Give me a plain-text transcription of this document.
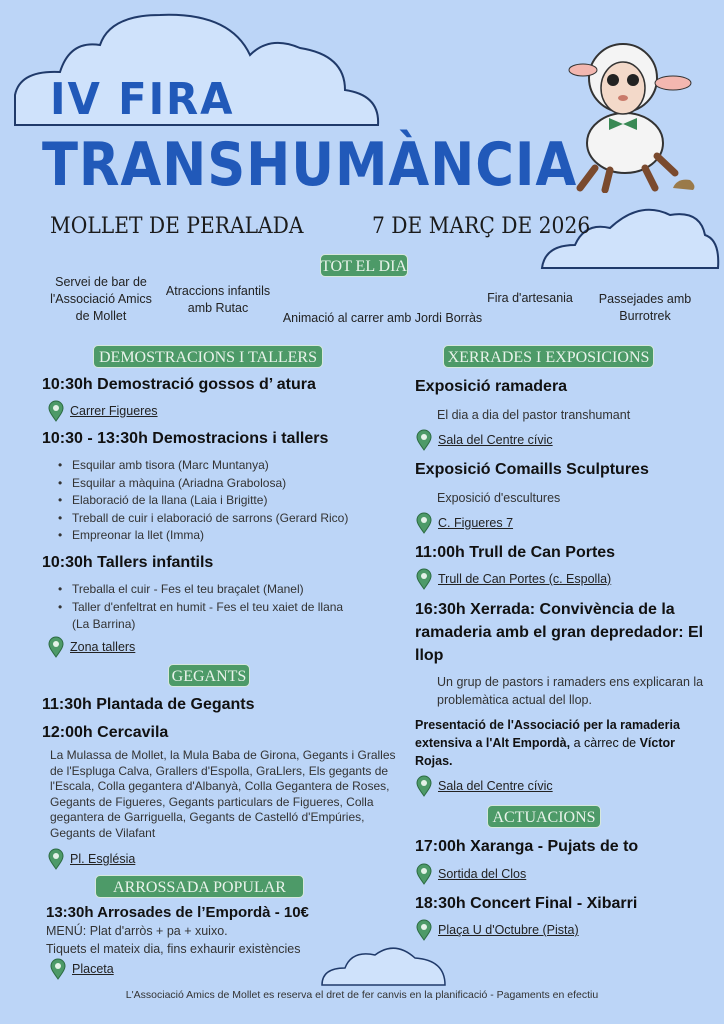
IV FIRA
TRANSHUMÀNCIA
MOLLET DE PERALADA	7 DE MARÇ DE 2026
TOT EL DIA
Servei de bar de l'Associació Amics de Mollet
Atraccions infantils amb Rutac
Animació al carrer amb Jordi Borràs
Fira d'artesania	Passejades amb Burrotrek
DEMOSTRACIONS I TALLERS
10:30h Demostració gossos d’ atura
Carrer Figueres
10:30 - 13:30h Demostracions i tallers
• Esquilar amb tisora (Marc Muntanya)
• Esquilar a màquina (Ariadna Grabolosa)
• Elaboració de la llana (Laia i Brigitte)
• Treball de cuir i elaboració de sarrons (Gerard Rico)
• Empreonar la llet (Imma)
10:30h Tallers infantils
• Treballa el cuir - Fes el teu braçalet (Manel)
• Taller d'enfeltrat en humit - Fes el teu xaiet de llana
(La Barrina)
Zona tallers
GEGANTS
11:30h Plantada de Gegants
12:00h Cercavila
La Mulassa de Mollet, la Mula Baba de Girona, Gegants i Gralles de l'Espluga Calva, Grallers d'Espolla, GraLlers, Els gegants de l'Escala, Colla gegantera d'Albanyà, Colla Gegantera de Roses, Gegants de Figueres, Gegants particulars de Figueres, Colla gegantera de Garriguella, Gegants de Castelló d'Empúries, Gegants de Vilafant
Pl. Església
ARROSSADA POPULAR
13:30h Arrosades de l’Empordà - 10€
MENÚ: Plat d'arròs + pa + xuixo.
Tiquets el mateix dia, fins exhaurir existències
Placeta
XERRADES I EXPOSICIONS
Exposició ramadera
El dia a dia del pastor transhumant
Sala del Centre cívic
Exposició Comaills Sculptures
Exposició d'escultures
C. Figueres 7
11:00h Trull de Can Portes
Trull de Can Portes (c. Espolla)
16:30h Xerrada: Convivència de la ramaderia amb el gran depredador: El llop
Un grup de pastors i ramaders ens explicaran la problemàtica actual del llop.
Presentació de l'Associació per la ramaderia extensiva a l'Alt Empordà, a càrrec de Víctor Rojas.
Sala del Centre cívic
ACTUACIONS
17:00h Xaranga - Pujats de to
Sortida del Clos
18:30h Concert Final - Xibarri
Plaça U d'Octubre (Pista)
L'Associació Amics de Mollet es reserva el dret de fer canvis en la planificació - Pagaments en efectiu
